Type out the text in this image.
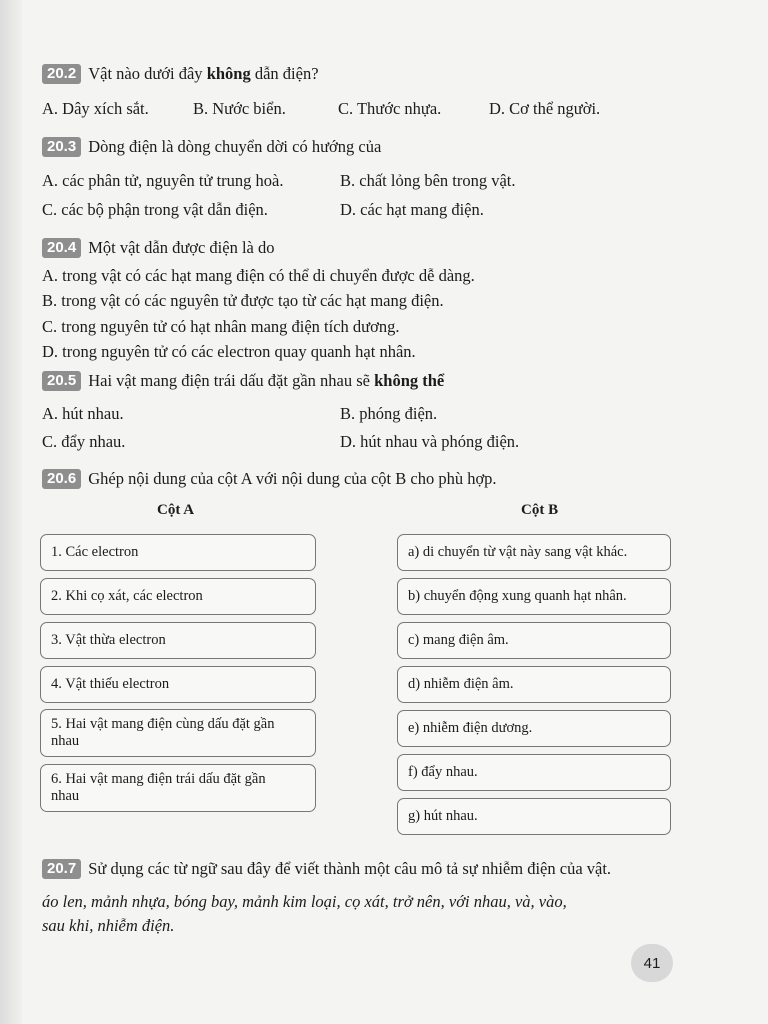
20.2 Vật nào dưới đây không dẫn điện?
A. Dây xích sắt.	B. Nước biển.	C. Thước nhựa.	D. Cơ thể người.
20.3 Dòng điện là dòng chuyển dời có hướng của
A. các phân tử, nguyên tử trung hoà.	B. chất lỏng bên trong vật.
C. các bộ phận trong vật dẫn điện.	D. các hạt mang điện.
20.4 Một vật dẫn được điện là do
A. trong vật có các hạt mang điện có thể di chuyển được dễ dàng.
B. trong vật có các nguyên tử được tạo từ các hạt mang điện.
C. trong nguyên tử có hạt nhân mang điện tích dương.
D. trong nguyên tử có các electron quay quanh hạt nhân.
20.5 Hai vật mang điện trái dấu đặt gần nhau sẽ không thể
A. hút nhau.	B. phóng điện.
C. đẩy nhau.	D. hút nhau và phóng điện.
20.6 Ghép nội dung của cột A với nội dung của cột B cho phù hợp.
Cột A	Cột B
1. Các electron
2. Khi cọ xát, các electron
3. Vật thừa electron
4. Vật thiếu electron
5. Hai vật mang điện cùng dấu đặt gần nhau
6. Hai vật mang điện trái dấu đặt gần nhau
a) di chuyển từ vật này sang vật khác.
b) chuyển động xung quanh hạt nhân.
c) mang điện âm.
d) nhiễm điện âm.
e) nhiễm điện dương.
f) đẩy nhau.
g) hút nhau.
20.7 Sử dụng các từ ngữ sau đây để viết thành một câu mô tả sự nhiễm điện của vật.
áo len, mảnh nhựa, bóng bay, mảnh kim loại, cọ xát, trở nên, với nhau, và, vào,
sau khi, nhiễm điện.
41
